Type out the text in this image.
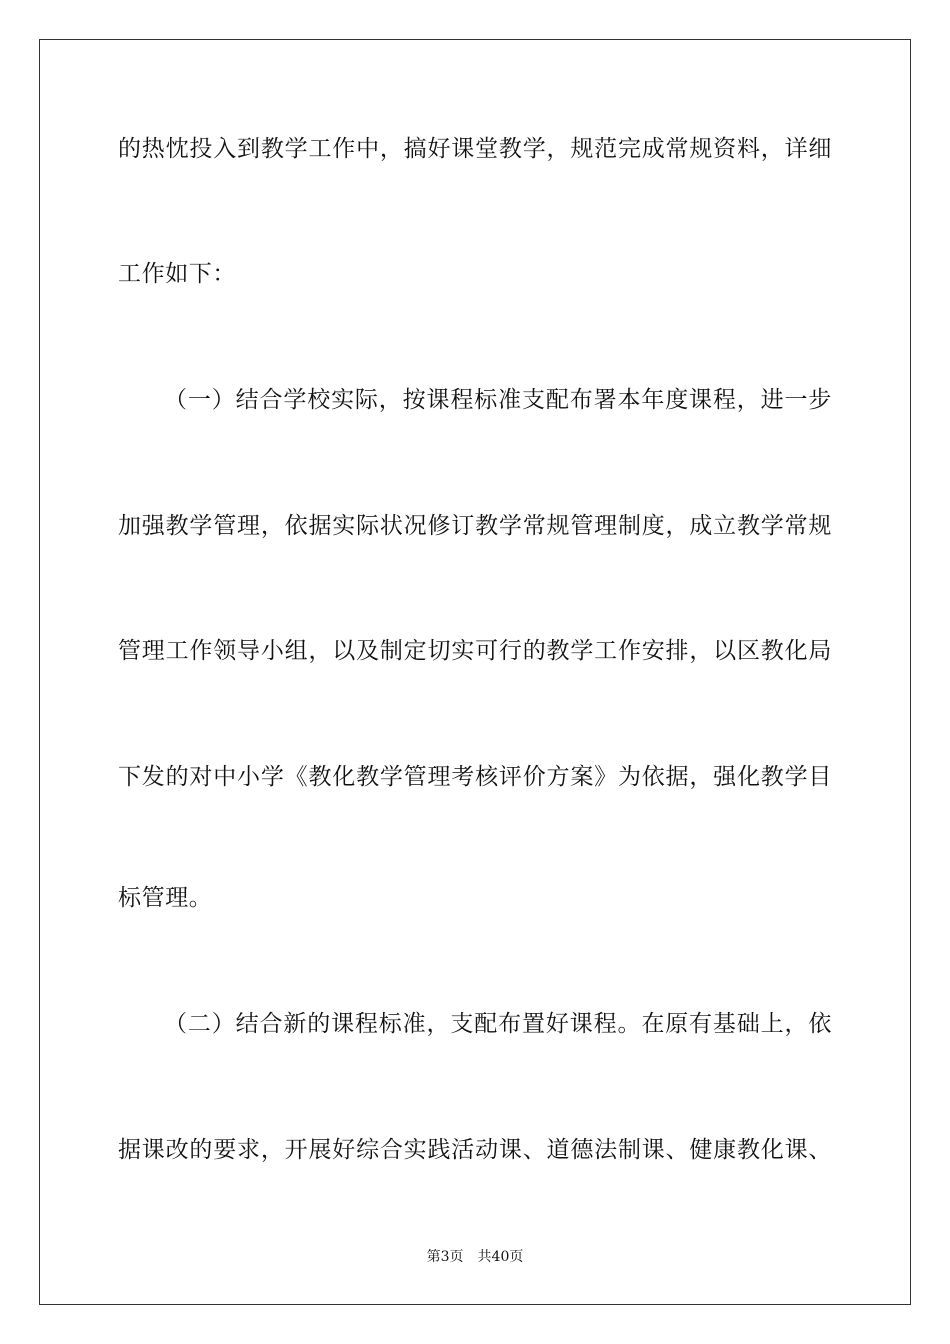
的热忱投入到教学工作中，搞好课堂教学，规范完成常规资料，详细
工作如下：
（一）结合学校实际，按课程标准支配布署本年度课程，进一步
加强教学管理，依据实际状况修订教学常规管理制度，成立教学常规
管理工作领导小组，以及制定切实可行的教学工作安排，以区教化局
下发的对中小学《教化教学管理考核评价方案》为依据，强化教学目
标管理。
（二）结合新的课程标准，支配布置好课程。在原有基础上，依
据课改的要求，开展好综合实践活动课、道德法制课、健康教化课、
第3页　共40页
